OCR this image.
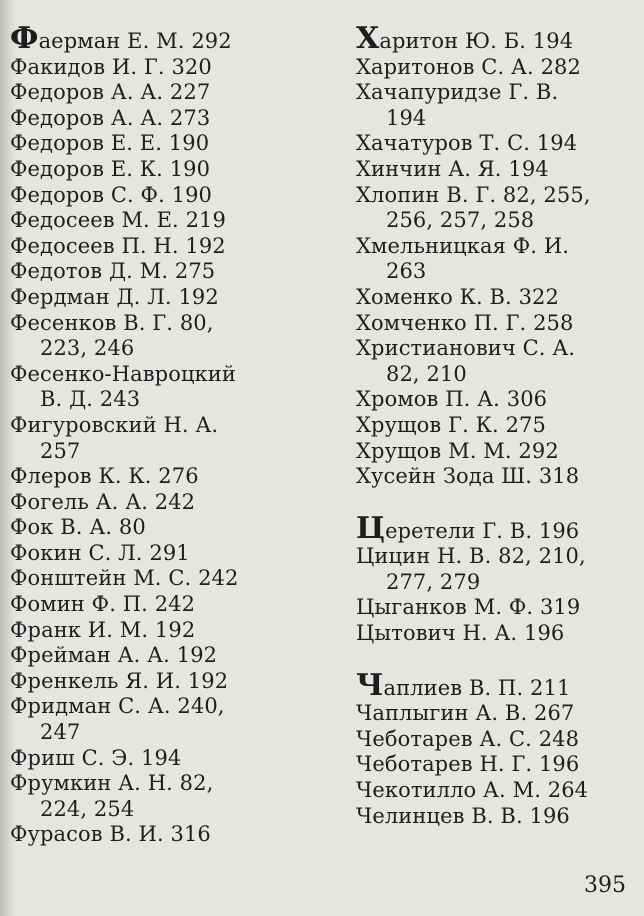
Фаерман Е. М. 292
Факидов И. Г. 320
Федоров А. А. 227
Федоров А. А. 273
Федоров Е. Е. 190
Федоров Е. К. 190
Федоров С. Ф. 190
Федосеев М. Е. 219
Федосеев П. Н. 192
Федотов Д. М. 275
Фердман Д. Л. 192
Фесенков В. Г. 80,
223, 246
Фесенко-Навроцкий
В. Д. 243
Фигуровский Н. А.
257
Флеров К. К. 276
Фогель А. А. 242
Фок В. А. 80
Фокин С. Л. 291
Фонштейн М. С. 242
Фомин Ф. П. 242
Франк И. М. 192
Фрейман А. А. 192
Френкель Я. И. 192
Фридман С. А. 240,
247
Фриш С. Э. 194
Фрумкин А. Н. 82,
224, 254
Фурасов В. И. 316
Харитон Ю. Б. 194
Харитонов С. А. 282
Хачапуридзе Г. В.
194
Хачатуров Т. С. 194
Хинчин А. Я. 194
Хлопин В. Г. 82, 255,
256, 257, 258
Хмельницкая Ф. И.
263
Хоменко К. В. 322
Хомченко П. Г. 258
Христианович С. А.
82, 210
Хромов П. А. 306
Хрущов Г. К. 275
Хрущов М. М. 292
Хусейн Зода Ш. 318
Церетели Г. В. 196
Цицин Н. В. 82, 210,
277, 279
Цыганков М. Ф. 319
Цытович Н. А. 196
Чаплиев В. П. 211
Чаплыгин А. В. 267
Чеботарев А. С. 248
Чеботарев Н. Г. 196
Чекотилло А. М. 264
Челинцев В. В. 196
395
